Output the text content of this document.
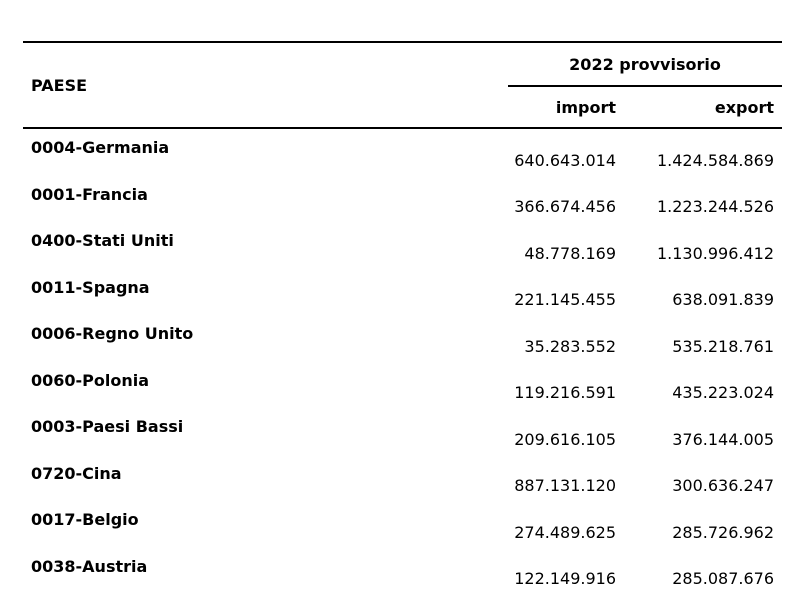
PAESE	2022 provvisorio	

	import	export
0004-Germania	640.643.014	1.424.584.869
0001-Francia	366.674.456	1.223.244.526
0400-Stati Uniti	48.778.169	1.130.996.412
0011-Spagna	221.145.455	638.091.839
0006-Regno Unito	35.283.552	535.218.761
0060-Polonia	119.216.591	435.223.024
0003-Paesi Bassi	209.616.105	376.144.005
0720-Cina	887.131.120	300.636.247
0017-Belgio	274.489.625	285.726.962
0038-Austria	122.149.916	285.087.676
